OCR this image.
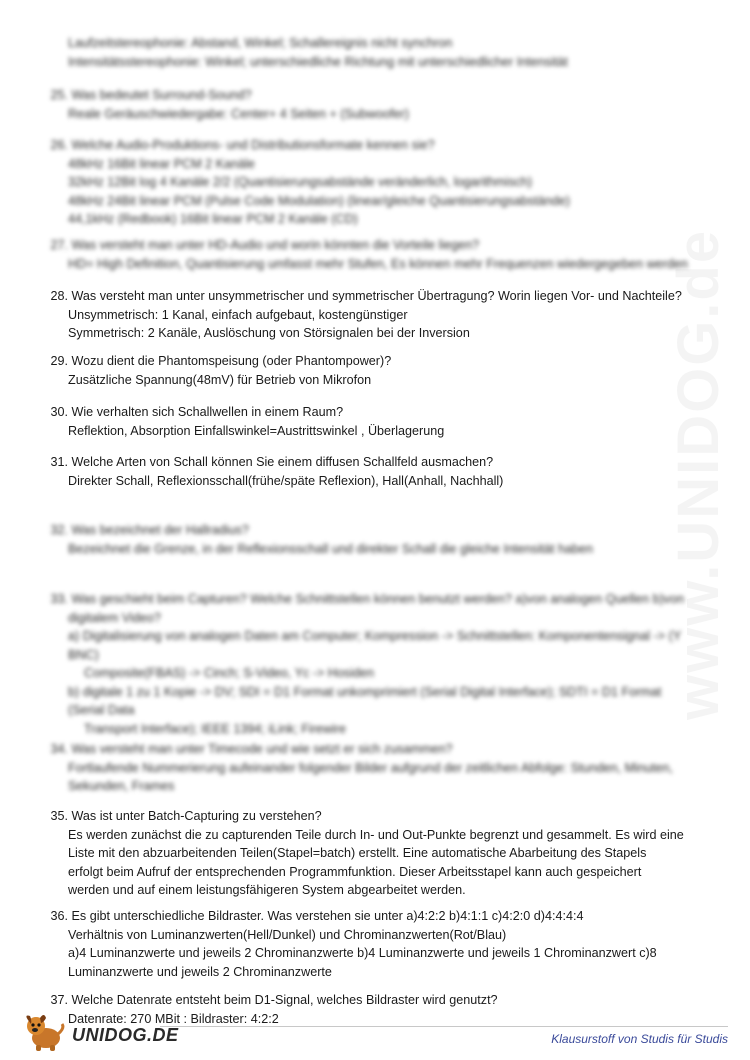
Laufzeitstereophonie: Abstand, Winkel; Schallereignis nicht synchron
Intensitätsstereophonie: Winkel; unterschiedliche Richtung mit unterschiedlicher Intensität
25. Was bedeutet Surround-Sound?
Reale Geräuschwiedergabe: Center+ 4 Seiten + (Subwoofer)
26. Welche Audio-Produktions- und Distributionsformate kennen sie?
48kHz 16Bit linear PCM 2 Kanäle
32kHz 12Bit log 4 Kanäle 2/2 (Quantisierungsabstände veränderlich, logarithmisch)
48kHz 24Bit linear PCM (Pulse Code Modulation) (linear/gleiche Quantisierungsabstände)
44,1kHz (Redbook) 16Bit linear PCM 2 Kanäle (CD)
27. Was versteht man unter HD-Audio und worin könnten die Vorteile liegen?
HD= High Definition, Quantisierung umfasst mehr Stufen, Es können mehr Frequenzen wiedergegeben werden
28. Was versteht man unter unsymmetrischer und symmetrischer Übertragung? Worin liegen Vor- und Nachteile?
Unsymmetrisch: 1 Kanal, einfach aufgebaut, kostengünstiger
Symmetrisch: 2 Kanäle, Auslöschung von Störsignalen bei der Inversion
29. Wozu dient die Phantomspeisung (oder Phantompower)?
Zusätzliche Spannung(48mV) für Betrieb von Mikrofon
30. Wie verhalten sich Schallwellen in einem Raum?
Reflektion, Absorption Einfallswinkel=Austrittswinkel , Überlagerung
31. Welche Arten von Schall können Sie einem diffusen Schallfeld ausmachen?
Direkter Schall, Reflexionsschall(frühe/späte Reflexion), Hall(Anhall, Nachhall)
32. Was bezeichnet der Hallradius?
Bezeichnet die Grenze, in der Reflexionsschall und direkter Schall die gleiche Intensität haben
33. Was geschieht beim Capturen? Welche Schnittstellen können benutzt werden? a)von analogen Quellen b)von
digitalem Video?
a) Digitalisierung von analogen Daten am Computer; Kompression -> Schnittstellen: Komponentensignal -> (Y
BNC)
Composite(FBAS) -> Cinch; S-Video, Yc -> Hosiden
b) digitale 1 zu 1 Kopie -> DV; SDI = D1 Format unkomprimiert (Serial Digital Interface); SDTI = D1 Format
(Serial Data
Transport Interface); IEEE 1394; iLink; Firewire
34. Was versteht man unter Timecode und wie setzt er sich zusammen?
Fortlaufende Nummerierung aufeinander folgender Bilder aufgrund der zeitlichen Abfolge: Stunden, Minuten,
Sekunden, Frames
35. Was ist unter Batch-Capturing zu verstehen?
Es werden zunächst die zu capturenden Teile durch In- und Out-Punkte begrenzt und gesammelt. Es wird eine
Liste mit den abzuarbeitenden Teilen(Stapel=batch) erstellt. Eine automatische Abarbeitung des Stapels
erfolgt beim Aufruf der entsprechenden Programmfunktion. Dieser Arbeitsstapel kann auch gespeichert
werden und auf einem leistungsfähigeren System abgearbeitet werden.
36. Es gibt unterschiedliche Bildraster. Was verstehen sie unter a)4:2:2 b)4:1:1 c)4:2:0 d)4:4:4:4
Verhältnis von Luminanzwerten(Hell/Dunkel) und Chrominanzwerten(Rot/Blau)
a)4 Luminanzwerte und jeweils 2 Chrominanzwerte b)4 Luminanzwerte und jeweils 1 Chrominanzwert c)8
Luminanzwerte und jeweils 2 Chrominanzwerte
37. Welche Datenrate entsteht beim D1-Signal, welches Bildraster wird genutzt?
Datenrate: 270 MBit : Bildraster: 4:2:2
UNIDOG.DE	Klausurstoff von Studis für Studis
